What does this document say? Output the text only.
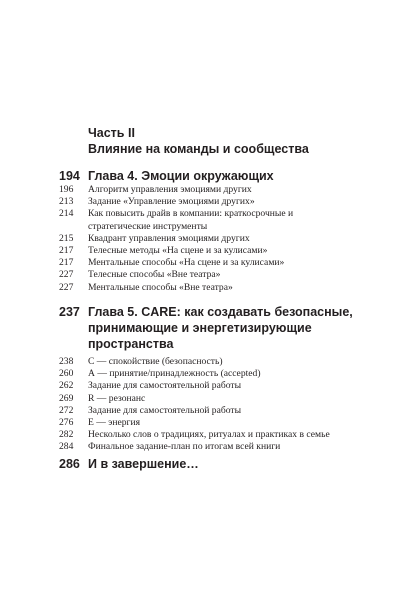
Часть II
Влияние на команды и сообщества
194 Глава 4. Эмоции окружающих
196	Алгоритм управления эмоциями других
213	Задание «Управление эмоциями других»
214	Как повысить драйв в компании: краткосрочные и стратегические инструменты
215	Квадрант управления эмоциями других
217	Телесные методы «На сцене и за кулисами»
217	Ментальные способы «На сцене и за кулисами»
227	Телесные способы «Вне театра»
227	Ментальные способы «Вне театра»
237 Глава 5. CARE: как создавать безопасные, принимающие и энергетизирующие пространства
238	С — спокойствие (безопасность)
260	А — принятие/принадлежность (accepted)
262	Задание для самостоятельной работы
269	R — резонанс
272	Задание для самостоятельной работы
276	E — энергия
282	Несколько слов о традициях, ритуалах и практиках в семье
284	Финальное задание-план по итогам всей книги
286 И в завершение…
